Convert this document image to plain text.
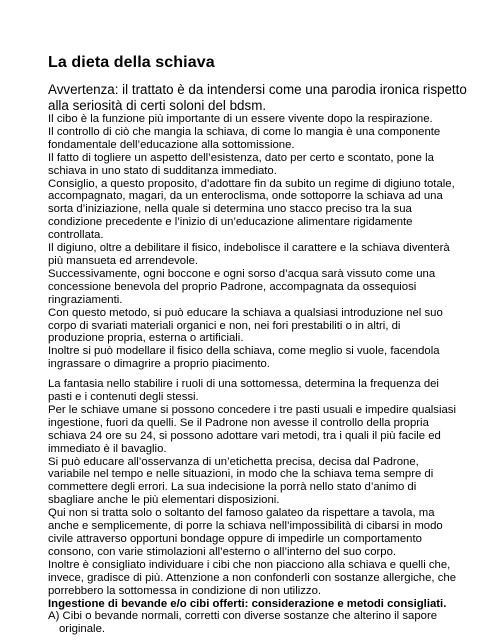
La dieta della schiava
Avvertenza: il trattato è da intendersi come una parodia ironica rispetto alla seriosità di certi soloni del bdsm.

Il cibo è la funzione più importante di un essere vivente dopo la respirazione.

Il controllo di ciò che mangia la schiava, di come lo mangia è una componente fondamentale dell’educazione alla sottomissione.

Il fatto di togliere un aspetto dell’esistenza, dato per certo e scontato, pone la schiava in uno stato di sudditanza immediato.

Consiglio, a questo proposito, d’adottare fin da subito un regime di digiuno totale, accompagnato, magari, da un enteroclisma, onde sottoporre la schiava ad una sorta d’iniziazione, nella quale si determina uno stacco preciso tra la sua condizione precedente e l’inizio di un’educazione alimentare rigidamente controllata.

Il digiuno, oltre a debilitare il fisico, indebolisce il carattere e la schiava diventerà più mansueta ed arrendevole.

Successivamente, ogni boccone e ogni sorso d’acqua sarà vissuto come una concessione benevola del proprio Padrone, accompagnata da ossequiosi ringraziamenti.

Con questo metodo, si può educare la schiava a qualsiasi introduzione nel suo corpo di svariati materiali organici e non, nei fori prestabiliti o in altri, di produzione propria, esterna o artificiali.

Inoltre si può modellare il fisico della schiava, come meglio si vuole, facendola ingrassare o dimagrire a proprio piacimento.

La fantasia nello stabilire i ruoli di una sottomessa, determina la frequenza dei pasti e i contenuti degli stessi.

Per le schiave umane si possono concedere i tre pasti usuali e impedire qualsiasi ingestione, fuori da quelli. Se il Padrone non avesse il controllo della propria schiava 24 ore su 24, si possono adottare vari metodi, tra i quali il più facile ed immediato è il bavaglio.

Si può educare all’osservanza di un’etichetta precisa, decisa dal Padrone, variabile nel tempo e nelle situazioni, in modo che la schiava tema sempre di commettere degli errori. La sua indecisione la porrà nello stato d’animo di sbagliare anche le più elementari disposizioni.

Qui non si tratta solo o soltanto del famoso galateo da rispettare a tavola, ma anche e semplicemente, di porre la schiava nell’impossibilità di cibarsi in modo civile attraverso opportuni bondage oppure di impedirle un comportamento consono, con varie stimolazioni all’esterno o all’interno del suo corpo.

Inoltre è consigliato individuare i cibi che non piacciono alla schiava e quelli che, invece, gradisce di più. Attenzione a non confonderli con sostanze allergiche, che porrebbero la sottomessa in condizione di non utilizzo.

Ingestione di bevande e/o cibi offerti: considerazione e metodi consigliati.

A) Cibi o bevande normali, corretti con diverse sostanze che alterino il sapore originale.
